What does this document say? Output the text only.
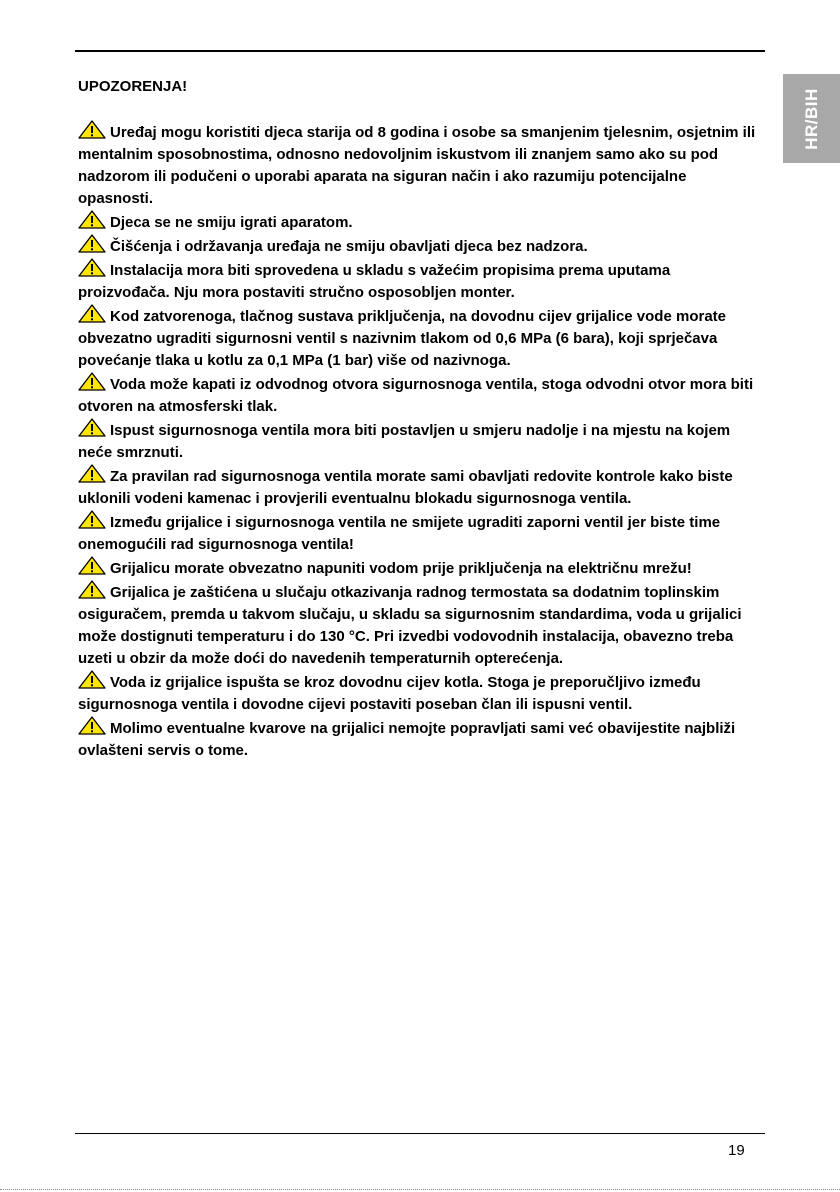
HR/BIH
UPOZORENJA!

Uređaj mogu koristiti djeca starija od 8 godina i osobe sa smanjenim tjelesnim, osjetnim ili mentalnim sposobnostima, odnosno nedovoljnim iskustvom ili znanjem samo ako su pod nadzorom ili podučeni o uporabi aparata na siguran način i ako razumiju potencijalne opasnosti.

Djeca se ne smiju igrati aparatom.

Čišćenja i održavanja uređaja ne smiju obavljati djeca bez nadzora.

Instalacija mora biti sprovedena u skladu s važećim propisima prema uputama proizvođača. Nju mora postaviti stručno osposobljen monter.

Kod zatvorenoga, tlačnog sustava priključenja, na dovodnu cijev grijalice vode morate obvezatno ugraditi sigurnosni ventil s nazivnim tlakom od 0,6 MPa (6 bara), koji sprječava povećanje tlaka u kotlu za 0,1 MPa (1 bar) više od nazivnoga.

Voda može kapati iz odvodnog otvora sigurnosnoga ventila, stoga odvodni otvor mora biti otvoren na atmosferski tlak.

Ispust sigurnosnoga ventila mora biti postavljen u smjeru nadolje i na mjestu na kojem neće smrznuti.

Za pravilan rad sigurnosnoga ventila morate sami obavljati redovite kontrole kako biste uklonili vodeni kamenac i provjerili eventualnu blokadu sigurnosnoga ventila.

Između grijalice i sigurnosnoga ventila ne smijete ugraditi zaporni ventil jer biste time onemogućili rad sigurnosnoga ventila!

Grijalicu morate obvezatno napuniti vodom prije priključenja na električnu mrežu!

Grijalica je zaštićena u slučaju otkazivanja radnog termostata sa dodatnim toplinskim osiguračem, premda u takvom slučaju, u skladu sa sigurnosnim standardima, voda u grijalici može dostignuti temperaturu i do 130 °C. Pri izvedbi vodovodnih instalacija, obavezno treba uzeti u obzir da može doći do navedenih temperaturnih opterećenja.

Voda iz grijalice ispušta se kroz dovodnu cijev kotla. Stoga je preporučljivo između sigurnosnoga ventila i dovodne cijevi postaviti poseban član ili ispusni ventil.

Molimo eventualne kvarove na grijalici nemojte popravljati sami već obavijestite najbliži ovlašteni servis o tome.

19
